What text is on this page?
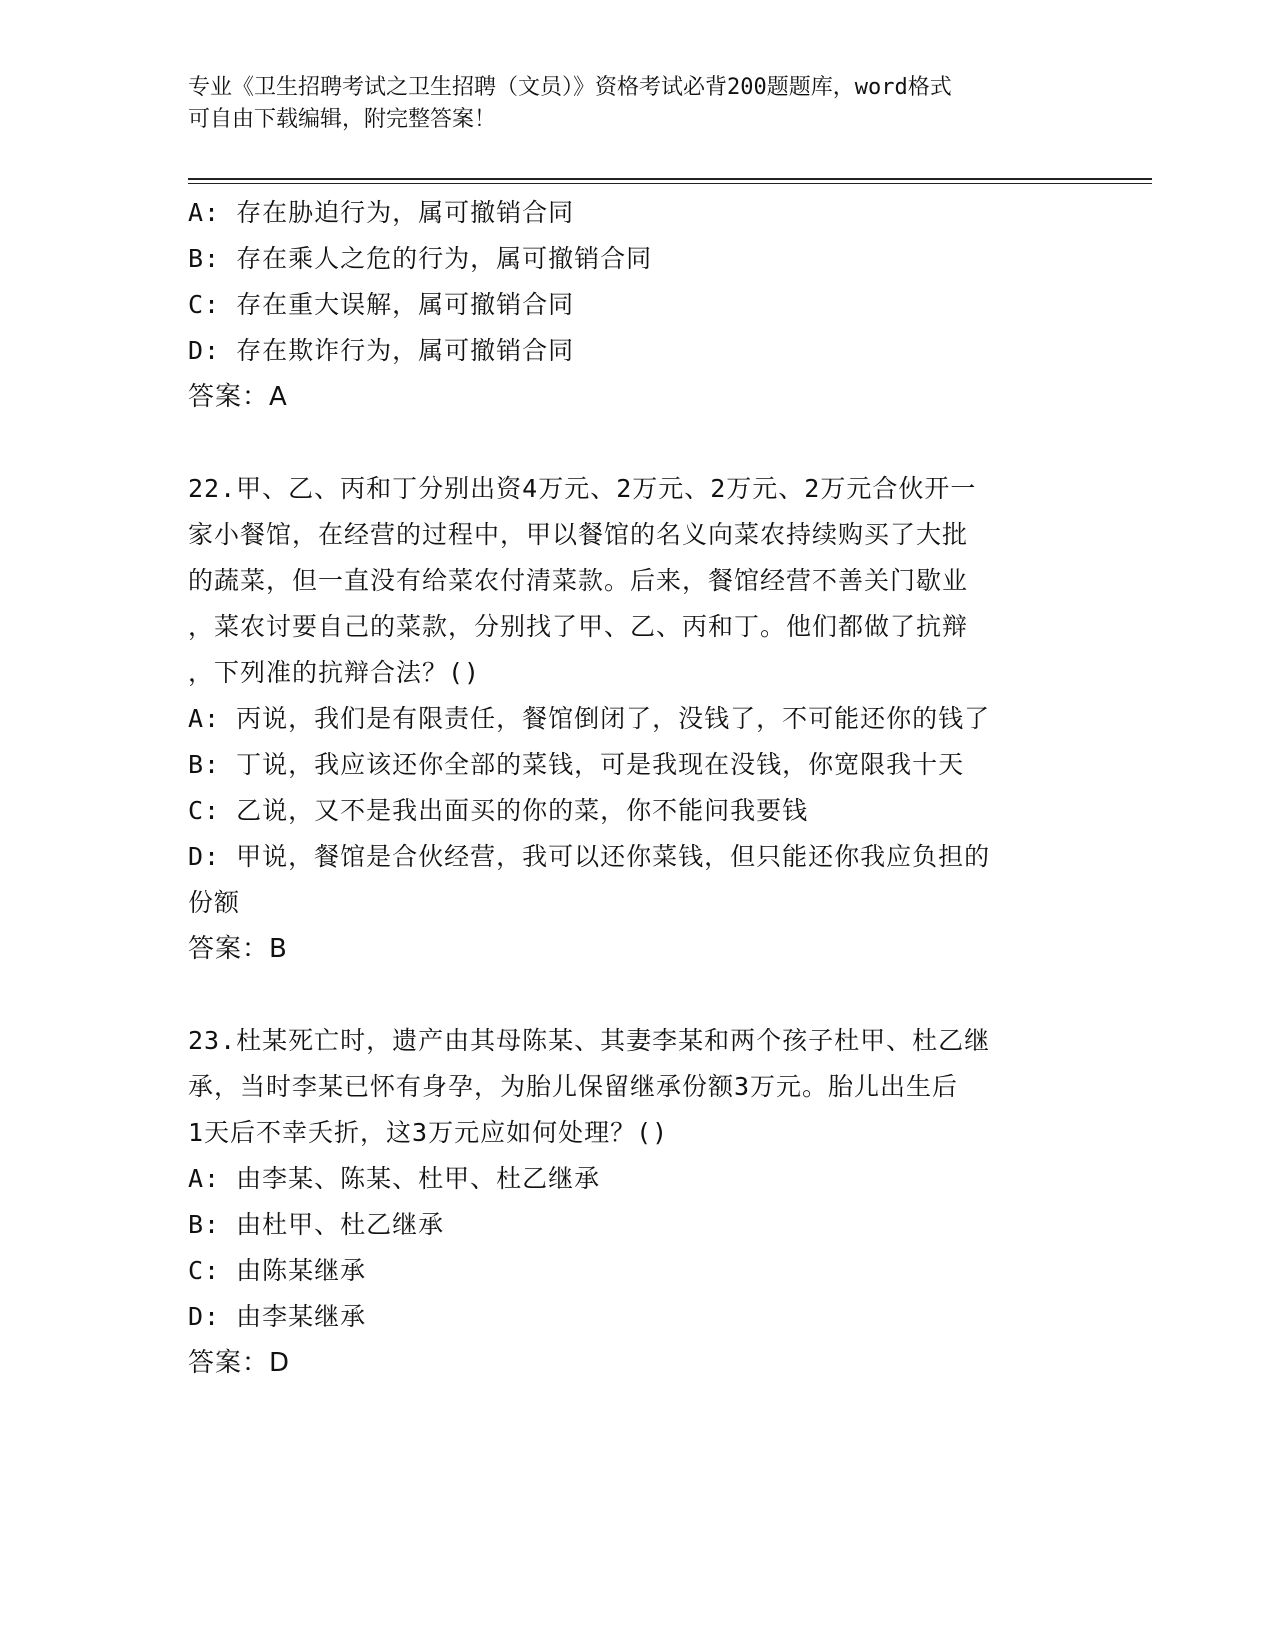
专业《卫生招聘考试之卫生招聘（文员）》资格考试必背200题题库，word格式
可自由下载编辑，附完整答案！

A: 存在胁迫行为，属可撤销合同

B: 存在乘人之危的行为，属可撤销合同

C: 存在重大误解，属可撤销合同

D: 存在欺诈行为，属可撤销合同

答案：A

22.甲、乙、丙和丁分别出资4万元、2万元、2万元、2万元合伙开一

家小餐馆，在经营的过程中，甲以餐馆的名义向菜农持续购买了大批

的蔬菜，但一直没有给菜农付清菜款。后来，餐馆经营不善关门歇业

，菜农讨要自己的菜款，分别找了甲、乙、丙和丁。他们都做了抗辩

，下列准的抗辩合法？()

A: 丙说，我们是有限责任，餐馆倒闭了，没钱了，不可能还你的钱了

B: 丁说，我应该还你全部的菜钱，可是我现在没钱，你宽限我十天

C: 乙说，又不是我出面买的你的菜，你不能问我要钱

D: 甲说，餐馆是合伙经营，我可以还你菜钱，但只能还你我应负担的

份额

答案：B

23.杜某死亡时，遗产由其母陈某、其妻李某和两个孩子杜甲、杜乙继

承，当时李某已怀有身孕，为胎儿保留继承份额3万元。胎儿出生后

1天后不幸夭折，这3万元应如何处理？()

A: 由李某、陈某、杜甲、杜乙继承

B: 由杜甲、杜乙继承

C: 由陈某继承

D: 由李某继承

答案：D
